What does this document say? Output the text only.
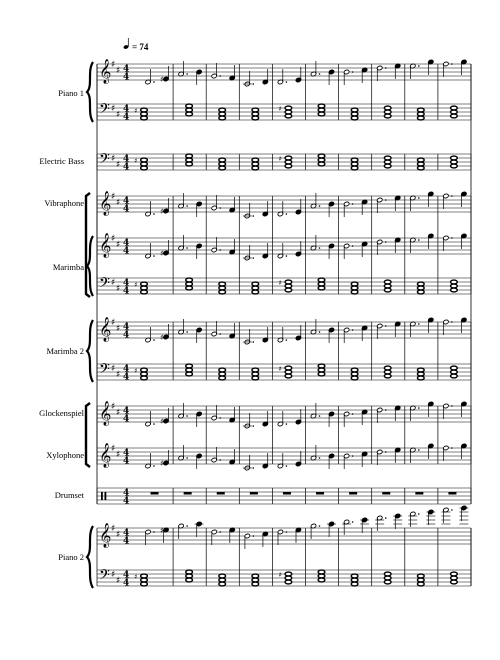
= 74
𝄞 ♯
♯ 4
4	♯
𝄢 ♯
♯
4
4
♯	♯
𝄢 ♯
♯
4
4
♯	♯
𝄞 ♯
♯ 4
4	♯
𝄞 ♯
♯ 4
4	♯
𝄢 ♯
♯
4
4
♯	♯
𝄞 ♯
♯ 4
4	♯
𝄢 ♯
♯
4
4
♯	♯
𝄞 ♯
♯ 4
4	♯
𝄞 ♯
♯ 4
4	♯
4
4
Piano 1
Electric Bass
Vibraphone
Marimba
Marimba 2
Glockenspiel
Xylophone
Drumset
𝄞 ♯
♯ 4
4
♯
𝄢 ♯
♯
4
4
♯	♯
Piano 2
